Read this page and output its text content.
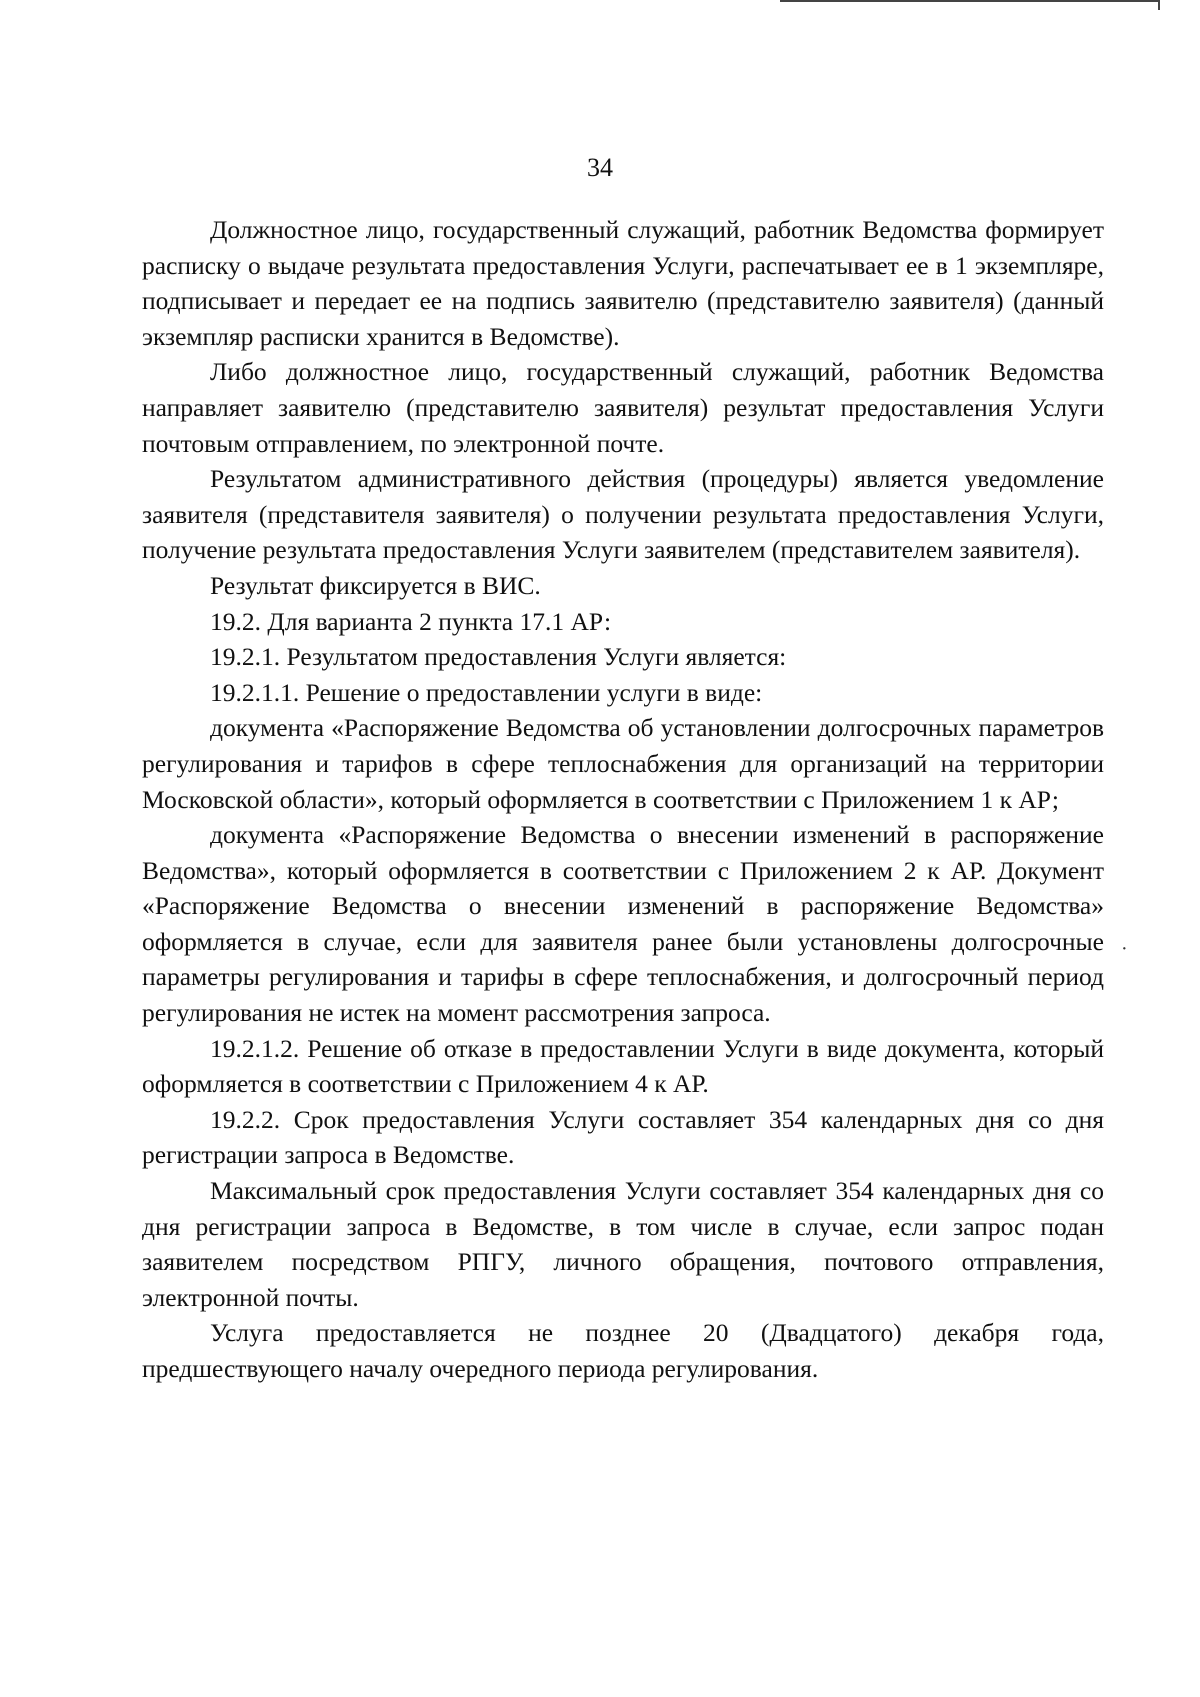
34

Должностное лицо, государственный служащий, работник Ведомства формирует расписку о выдаче результата предоставления Услуги, распечатывает ее в 1 экземпляре, подписывает и передает ее на подпись заявителю (представителю заявителя) (данный экземпляр расписки хранится в Ведомстве).

Либо должностное лицо, государственный служащий, работник Ведомства направляет заявителю (представителю заявителя) результат предоставления Услуги почтовым отправлением, по электронной почте.

Результатом административного действия (процедуры) является уведомление заявителя (представителя заявителя) о получении результата предоставления Услуги, получение результата предоставления Услуги заявителем (представителем заявителя).

Результат фиксируется в ВИС.

19.2. Для варианта 2 пункта 17.1 АР:

19.2.1. Результатом предоставления Услуги является:

19.2.1.1. Решение о предоставлении услуги в виде:

документа «Распоряжение Ведомства об установлении долгосрочных параметров регулирования и тарифов в сфере теплоснабжения для организаций на территории Московской области», который оформляется в соответствии с Приложением 1 к АР;

документа «Распоряжение Ведомства о внесении изменений в распоряжение Ведомства», который оформляется в соответствии с Приложением 2 к АР. Документ «Распоряжение Ведомства о внесении изменений в распоряжение Ведомства» оформляется в случае, если для заявителя ранее были установлены долгосрочные параметры регулирования и тарифы в сфере теплоснабжения, и долгосрочный период регулирования не истек на момент рассмотрения запроса.

19.2.1.2. Решение об отказе в предоставлении Услуги в виде документа, который оформляется в соответствии с Приложением 4 к АР.

19.2.2. Срок предоставления Услуги составляет 354 календарных дня со дня регистрации запроса в Ведомстве.

Максимальный срок предоставления Услуги составляет 354 календарных дня со дня регистрации запроса в Ведомстве, в том числе в случае, если запрос подан заявителем посредством РПГУ, личного обращения, почтового отправления, электронной почты.

Услуга предоставляется не позднее 20 (Двадцатого) декабря года, предшествующего началу очередного периода регулирования.

·
